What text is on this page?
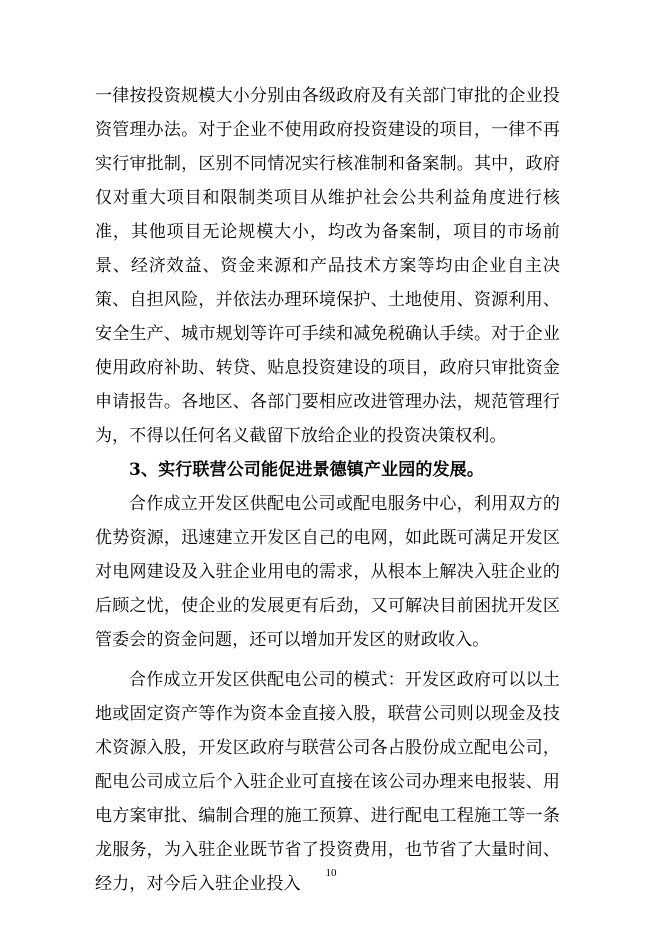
一律按投资规模大小分别由各级政府及有关部门审批的企业投资管理办法。对于企业不使用政府投资建设的项目，一律不再实行审批制，区别不同情况实行核准制和备案制。其中，政府仅对重大项目和限制类项目从维护社会公共利益角度进行核准，其他项目无论规模大小，均改为备案制，项目的市场前景、经济效益、资金来源和产品技术方案等均由企业自主决策、自担风险，并依法办理环境保护、土地使用、资源利用、安全生产、城市规划等许可手续和减免税确认手续。对于企业使用政府补助、转贷、贴息投资建设的项目，政府只审批资金申请报告。各地区、各部门要相应改进管理办法，规范管理行为，不得以任何名义截留下放给企业的投资决策权利。

3、实行联营公司能促进景德镇产业园的发展。

合作成立开发区供配电公司或配电服务中心，利用双方的优势资源，迅速建立开发区自己的电网，如此既可满足开发区对电网建设及入驻企业用电的需求，从根本上解决入驻企业的后顾之忧，使企业的发展更有后劲，又可解决目前困扰开发区管委会的资金问题，还可以增加开发区的财政收入。

合作成立开发区供配电公司的模式：开发区政府可以以土地或固定资产等作为资本金直接入股，联营公司则以现金及技术资源入股，开发区政府与联营公司各占股份成立配电公司，配电公司成立后个入驻企业可直接在该公司办理来电报装、用电方案审批、编制合理的施工预算、进行配电工程施工等一条龙服务，为入驻企业既节省了投资费用，也节省了大量时间、经力，对今后入驻企业投入

10
